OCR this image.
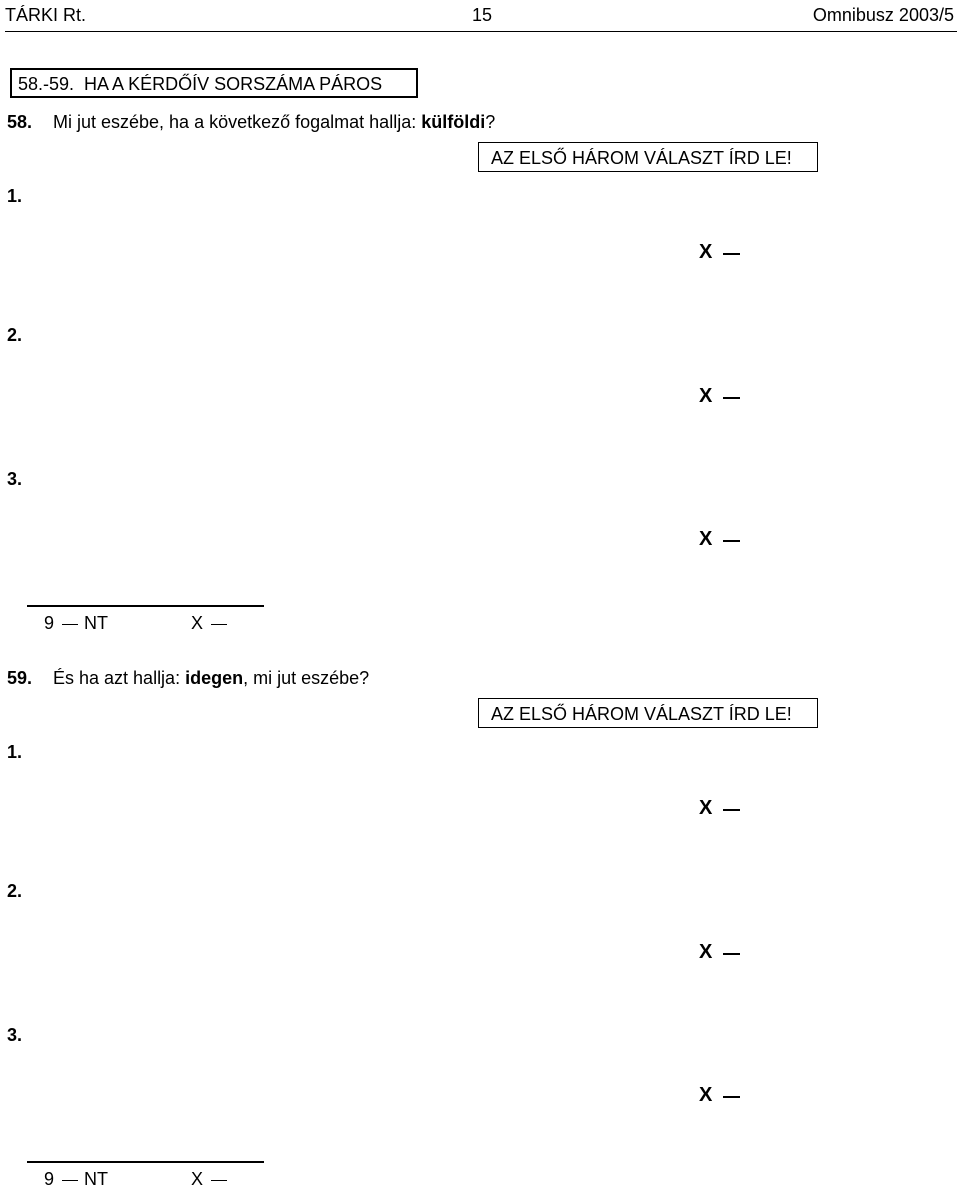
TÁRKI Rt.	15	Omnibusz 2003/5
58.-59.  HA A KÉRDŐÍV SORSZÁMA PÁROS
58. Mi jut eszébe, ha a következő fogalmat hallja: külföldi?
AZ ELSŐ HÁROM VÁLASZT ÍRD LE!
1.
X
2.
X
3.
X
9 NT	X
59. És ha azt hallja: idegen, mi jut eszébe?
AZ ELSŐ HÁROM VÁLASZT ÍRD LE!
1.
X
2.
X
3.
X
9 NT	X
